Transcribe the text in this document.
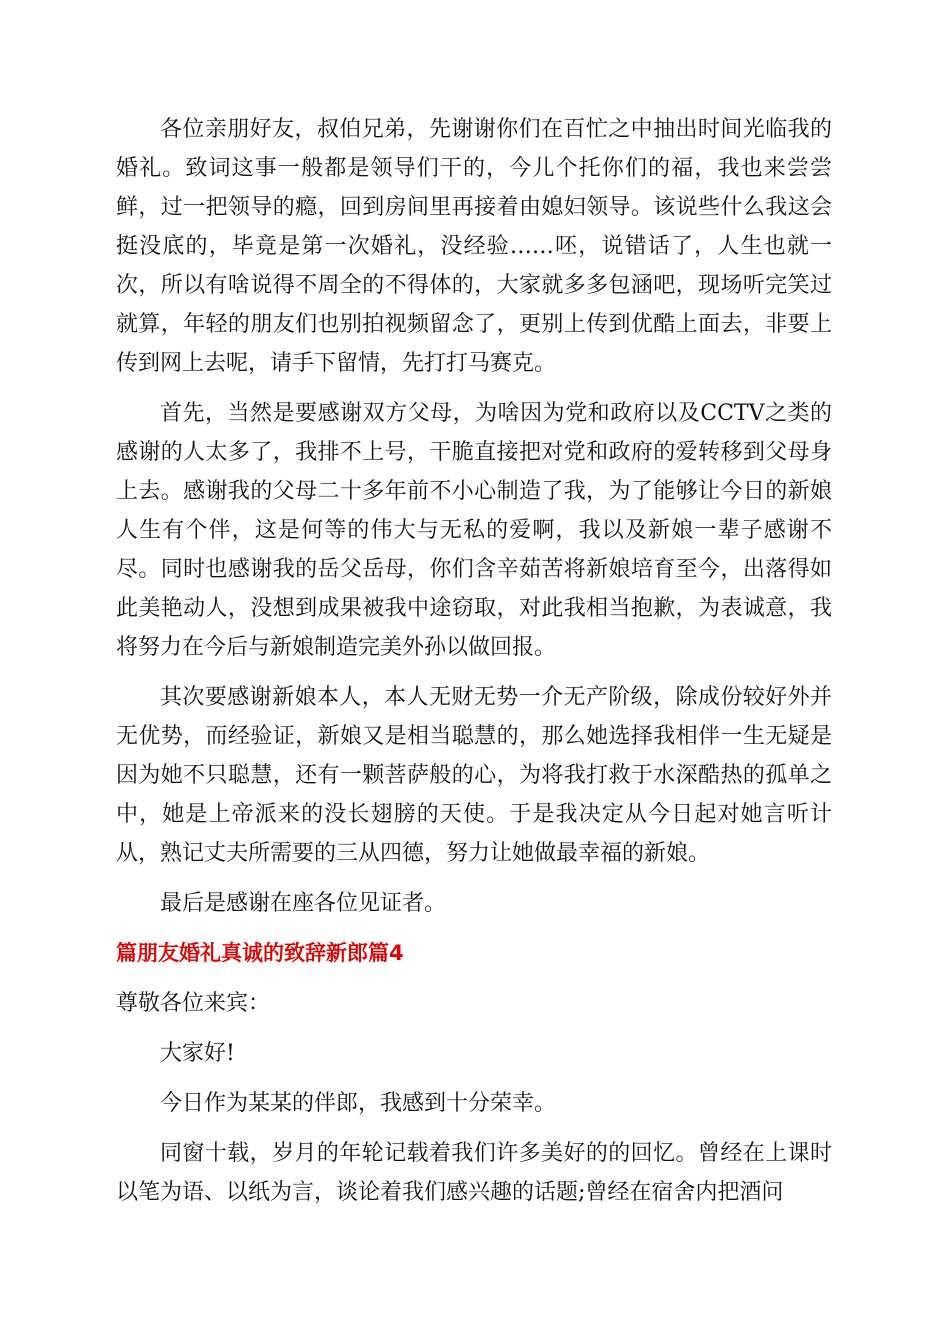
各位亲朋好友，叔伯兄弟，先谢谢你们在百忙之中抽出时间光临我的婚礼。致词这事一般都是领导们干的，今儿个托你们的福，我也来尝尝鲜，过一把领导的瘾，回到房间里再接着由媳妇领导。该说些什么我这会挺没底的，毕竟是第一次婚礼，没经验……呸，说错话了，人生也就一次，所以有啥说得不周全的不得体的，大家就多多包涵吧，现场听完笑过就算，年轻的朋友们也别拍视频留念了，更别上传到优酷上面去，非要上传到网上去呢，请手下留情，先打打马赛克。

首先，当然是要感谢双方父母，为啥因为党和政府以及CCTV之类的感谢的人太多了，我排不上号，干脆直接把对党和政府的爱转移到父母身上去。感谢我的父母二十多年前不小心制造了我，为了能够让今日的新娘人生有个伴，这是何等的伟大与无私的爱啊，我以及新娘一辈子感谢不尽。同时也感谢我的岳父岳母，你们含辛茹苦将新娘培育至今，出落得如此美艳动人，没想到成果被我中途窃取，对此我相当抱歉，为表诚意，我将努力在今后与新娘制造完美外孙以做回报。

其次要感谢新娘本人，本人无财无势一介无产阶级，除成份较好外并无优势，而经验证，新娘又是相当聪慧的，那么她选择我相伴一生无疑是因为她不只聪慧，还有一颗菩萨般的心，为将我打救于水深酷热的孤单之中，她是上帝派来的没长翅膀的天使。于是我决定从今日起对她言听计从，熟记丈夫所需要的三从四德，努力让她做最幸福的新娘。

最后是感谢在座各位见证者。

篇朋友婚礼真诚的致辞新郎篇4

尊敬各位来宾：

大家好!

今日作为某某的伴郎，我感到十分荣幸。

同窗十载，岁月的年轮记载着我们许多美好的的回忆。曾经在上课时以笔为语、以纸为言，谈论着我们感兴趣的话题;曾经在宿舍内把酒问
